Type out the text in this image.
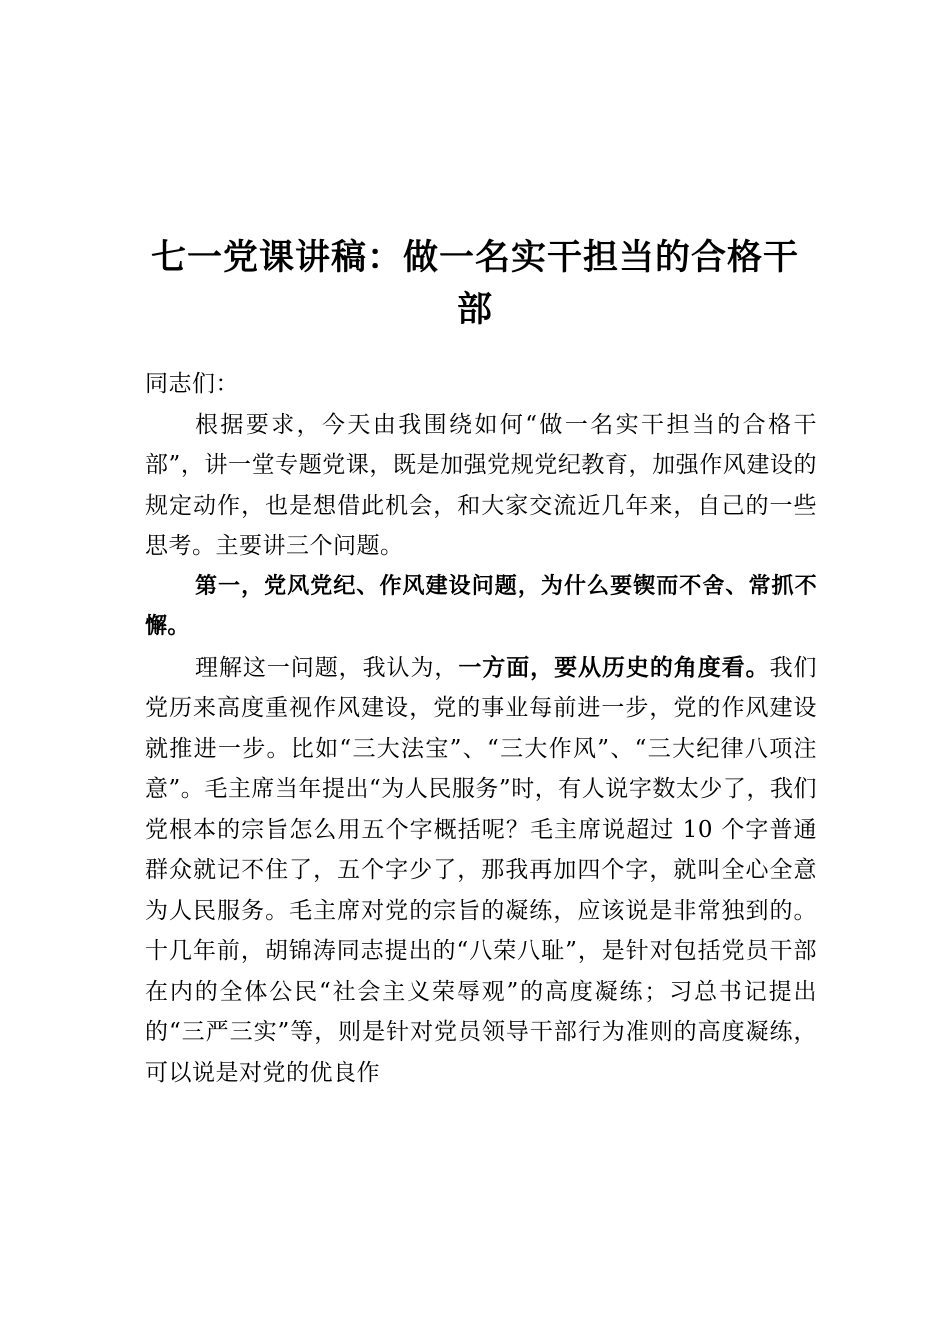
七一党课讲稿：做一名实干担当的合格干部

同志们：

根据要求，今天由我围绕如何“做一名实干担当的合格干部”，讲一堂专题党课，既是加强党规党纪教育，加强作风建设的规定动作，也是想借此机会，和大家交流近几年来，自己的一些思考。主要讲三个问题。

第一，党风党纪、作风建设问题，为什么要锲而不舍、常抓不懈。

理解这一问题，我认为，一方面，要从历史的角度看。我们党历来高度重视作风建设，党的事业每前进一步，党的作风建设就推进一步。比如“三大法宝”、“三大作风”、“三大纪律八项注意”。毛主席当年提出“为人民服务”时，有人说字数太少了，我们党根本的宗旨怎么用五个字概括呢？毛主席说超过 10 个字普通群众就记不住了，五个字少了，那我再加四个字，就叫全心全意为人民服务。毛主席对党的宗旨的凝练，应该说是非常独到的。十几年前，胡锦涛同志提出的“八荣八耻”，是针对包括党员干部在内的全体公民“社会主义荣辱观”的高度凝练；习总书记提出的“三严三实”等，则是针对党员领导干部行为准则的高度凝练，可以说是对党的优良作
